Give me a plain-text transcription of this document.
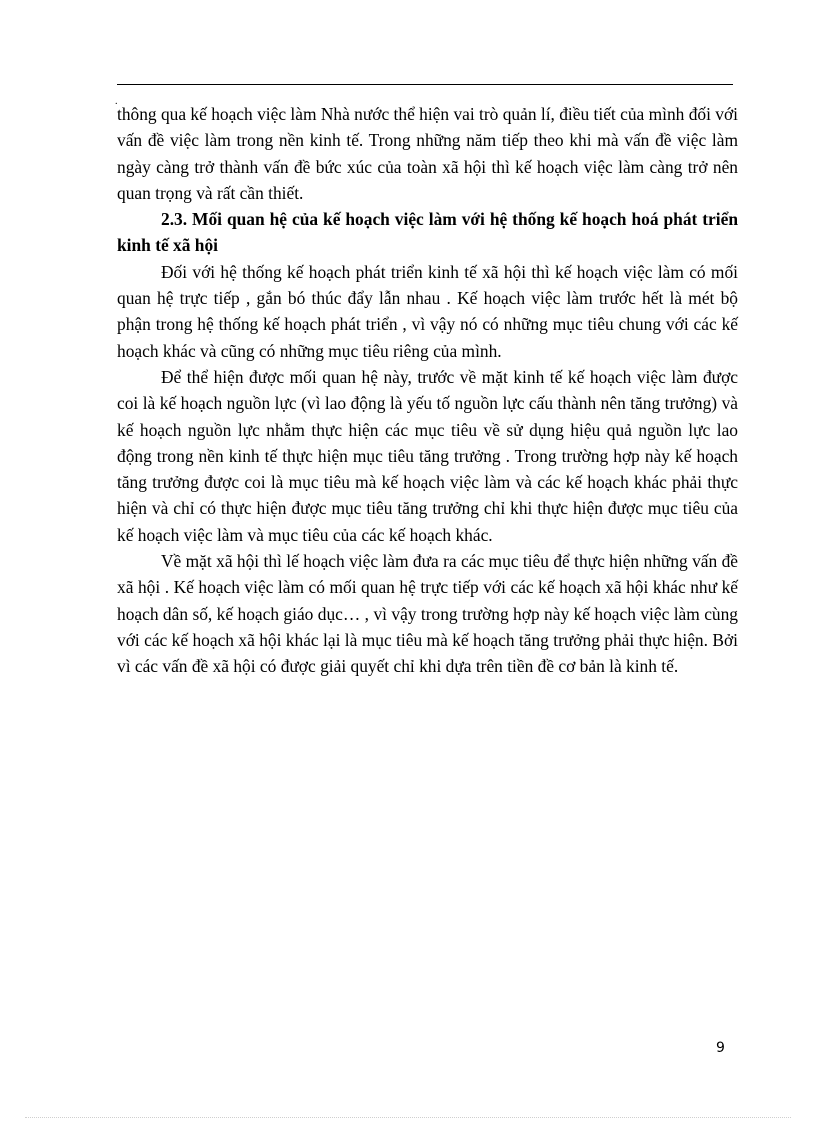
.

thông qua kế hoạch việc làm Nhà nước thể hiện vai trò quản lí, điều tiết của mình đối với vấn đề việc làm trong nền kinh tế. Trong những năm tiếp theo khi mà vấn đề việc làm ngày càng trở thành vấn đề bức xúc của toàn xã hội thì kế hoạch việc làm càng trở nên quan trọng và rất cần thiết.

2.3. Mối quan hệ của kế hoạch việc làm với hệ thống kế hoạch hoá phát triển kinh tế xã hội

Đối với hệ thống kế hoạch phát triển kinh tế xã hội thì kế hoạch việc làm có mối quan hệ trực tiếp , gắn bó thúc đẩy lẫn nhau . Kế hoạch việc làm trước hết là mét bộ phận trong hệ thống kế hoạch phát triển , vì vậy nó có những mục tiêu chung với các kế hoạch khác và cũng có những mục tiêu riêng của mình.

Để thể hiện được mối quan hệ này, trước về mặt kinh tế kế hoạch việc làm được coi là kế hoạch nguồn lực (vì lao động là yếu tố nguồn lực cấu thành nên tăng trưởng) và kế hoạch nguồn lực nhằm thực hiện các mục tiêu về sử dụng hiệu quả nguồn lực lao động trong nền kinh tế thực hiện mục tiêu tăng trưởng . Trong trường hợp này kế hoạch tăng trưởng được coi là mục tiêu mà kế hoạch việc làm và các kế hoạch khác phải thực hiện và chỉ có thực hiện được mục tiêu tăng trưởng chỉ khi thực hiện được mục tiêu của kế hoạch việc làm và mục tiêu của các kế hoạch khác.

Về mặt xã hội thì lế hoạch việc làm đưa ra các mục tiêu để thực hiện những vấn đề xã hội . Kế hoạch việc làm có mối quan hệ trực tiếp với các kế hoạch xã hội khác như kế hoạch dân số, kế hoạch giáo dục… , vì vậy trong trường hợp này kế hoạch việc làm cùng với các kế hoạch xã hội khác lại là mục tiêu mà kế hoạch tăng trưởng phải thực hiện. Bởi vì các vấn đề xã hội có được giải quyết chỉ khi dựa trên tiền đề cơ bản là kinh tế.

9
